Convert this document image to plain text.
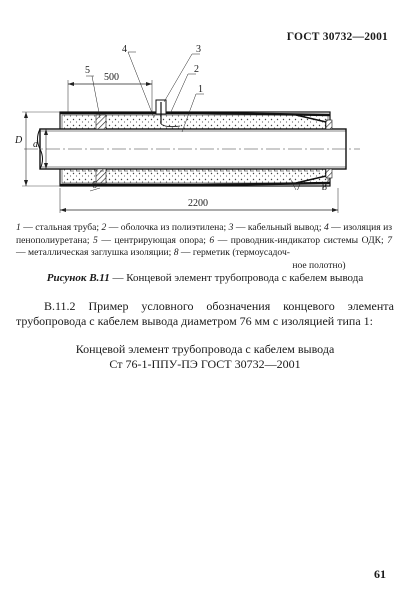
ГОСТ 30732—2001
500
D d
2200
4	3
2
1
5
6	7 8
1 — стальная труба; 2 — оболочка из полиэтилена; 3 — кабельный вывод; 4 — изоляция из пенополиуретана; 5 — центрирующая опора; 6 — проводник-индикатор системы ОДК; 7 — металлическая заглушка изоляции; 8 — герметик (термоусадоч-
ное полотно)
Рисунок В.11 — Концевой элемент трубопровода с кабелем вывода
В.11.2 Пример условного обозначения концевого элемента трубопровода с кабелем вывода диаметром 76 мм с изоляцией типа 1:
Концевой элемент трубопровода с кабелем вывода
Ст 76-1-ППУ-ПЭ ГОСТ 30732—2001
61
